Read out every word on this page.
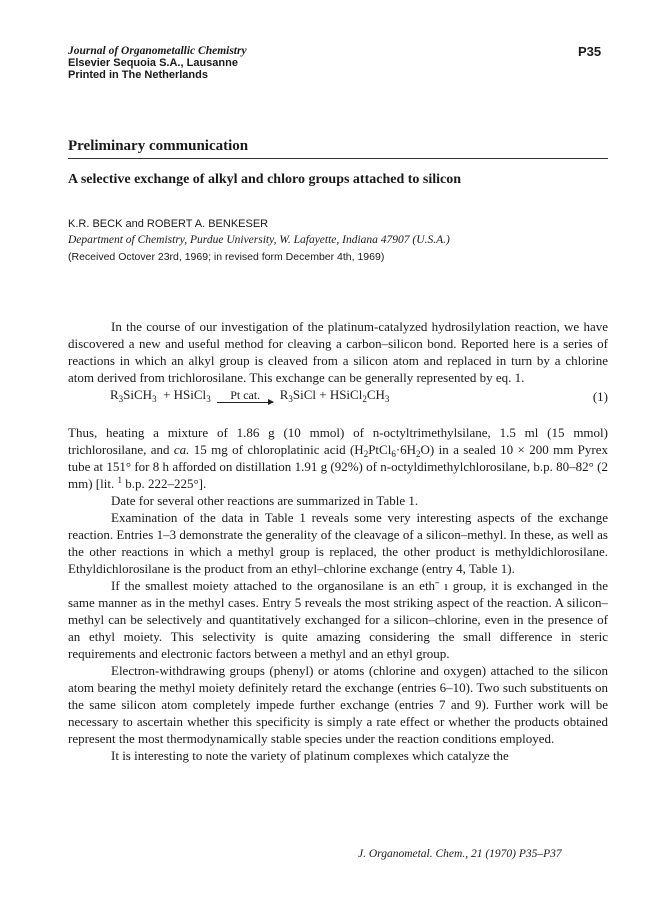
Journal of Organometallic Chemistry
Elsevier Sequoia S.A., Lausanne
Printed in The Netherlands
P35
Preliminary communication
A selective exchange of alkyl and chloro groups attached to silicon
K.R. BECK and ROBERT A. BENKESER
Department of Chemistry, Purdue University, W. Lafayette, Indiana 47907 (U.S.A.)
(Received Octover 23rd, 1969; in revised form December 4th, 1969)

In the course of our investigation of the platinum-catalyzed hydrosilylation reaction, we have discovered a new and useful method for cleaving a carbon–silicon bond. Reported here is a series of reactions in which an alkyl group is cleaved from a silicon atom and replaced in turn by a chlorine atom derived from trichlorosilane. This exchange can be generally represented by eq. 1.

$R_3SiCH_3$  + HSiCl$_3$	Pt cat.	$R_3SiCl$ + $HSiCl_2CH_3$	(1)

Thus, heating a mixture of 1.86 g (10 mmol) of n-octyltrimethylsilane, 1.5 ml (15 mmol) trichlorosilane, and ca. 15 mg of chloroplatinic acid $(H_2PtCl_6\cdot 6H_2O)$ in a sealed 10 × 200 mm Pyrex tube at 151° for 8 h afforded on distillation 1.91 g (92%) of n-octyldimethylchlorosilane, b.p. 80–82° (2 mm) [lit. $^1$ b.p. 222–225°].

Date for several other reactions are summarized in Table 1.

Examination of the data in Table 1 reveals some very interesting aspects of the exchange reaction. Entries 1–3 demonstrate the generality of the cleavage of a silicon–methyl. In these, as well as the other reactions in which a methyl group is replaced, the other product is methyldichlorosilane. Ethyldichlorosilane is the product from an ethyl–chlorine exchange (entry 4, Table 1).

If the smallest moiety attached to the organosilane is an ethˉ ı group, it is exchanged in the same manner as in the methyl cases. Entry 5 reveals the most striking aspect of the reaction. A silicon–methyl can be selectively and quantitatively exchanged for a silicon–chlorine, even in the presence of an ethyl moiety. This selectivity is quite amazing considering the small difference in steric requirements and electronic factors between a methyl and an ethyl group.

Electron-withdrawing groups (phenyl) or atoms (chlorine and oxygen) attached to the silicon atom bearing the methyl moiety definitely retard the exchange (entries 6–10). Two such substituents on the same silicon atom completely impede further exchange (entries 7 and 9). Further work will be necessary to ascertain whether this specificity is simply a rate effect or whether the products obtained represent the most thermodynamically stable species under the reaction conditions employed.

It is interesting to note the variety of platinum complexes which catalyze the

J. Organometal. Chem., 21 (1970) P35–P37
